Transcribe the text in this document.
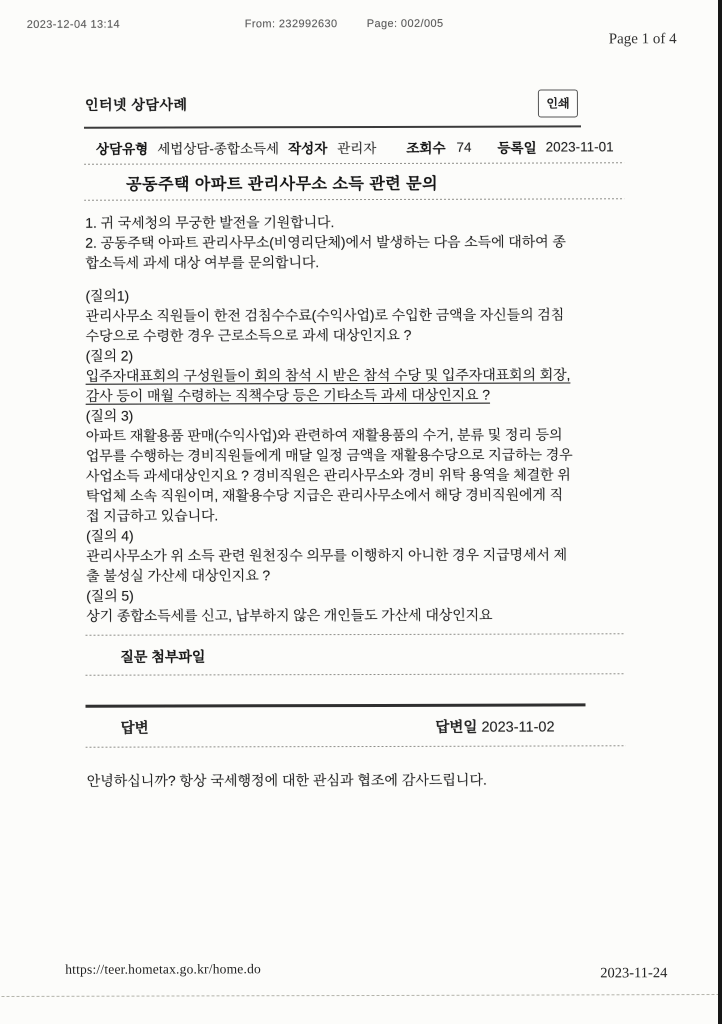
2023-12-04 13:14	From: 232992630	Page: 002/005
Page 1 of 4
인터넷 상담사례	인쇄
상담유형 세법상담-종합소득세 작성자 관리자 조회수 74 등록일 2023-11-01
공동주택 아파트 관리사무소 소득 관련 문의
1. 귀 국세청의 무궁한 발전을 기원합니다.
2. 공동주택 아파트 관리사무소(비영리단체)에서 발생하는 다음 소득에 대하여 종
합소득세 과세 대상 여부를 문의합니다.
(질의1)
관리사무소 직원들이 한전 검침수수료(수익사업)로 수입한 금액을 자신들의 검침
수당으로 수령한 경우 근로소득으로 과세 대상인지요 ?
(질의 2)
입주자대표회의 구성원들이 회의 참석 시 받은 참석 수당 및 입주자대표회의 회장,
감사 등이 매월 수령하는 직책수당 등은 기타소득 과세 대상인지요 ?
(질의 3)
아파트 재활용품 판매(수익사업)와 관련하여 재활용품의 수거, 분류 및 정리 등의
업무를 수행하는 경비직원들에게 매달 일정 금액을 재활용수당으로 지급하는 경우
사업소득 과세대상인지요 ? 경비직원은 관리사무소와 경비 위탁 용역을 체결한 위
탁업체 소속 직원이며, 재활용수당 지급은 관리사무소에서 해당 경비직원에게 직
접 지급하고 있습니다.
(질의 4)
관리사무소가 위 소득 관련 원천징수 의무를 이행하지 아니한 경우 지급명세서 제
출 불성실 가산세 대상인지요 ?
(질의 5)
상기 종합소득세를 신고, 납부하지 않은 개인들도 가산세 대상인지요
질문 첨부파일
답변	답변일 2023-11-02
안녕하십니까? 항상 국세행정에 대한 관심과 협조에 감사드립니다.
https://teer.hometax.go.kr/home.do	2023-11-24
